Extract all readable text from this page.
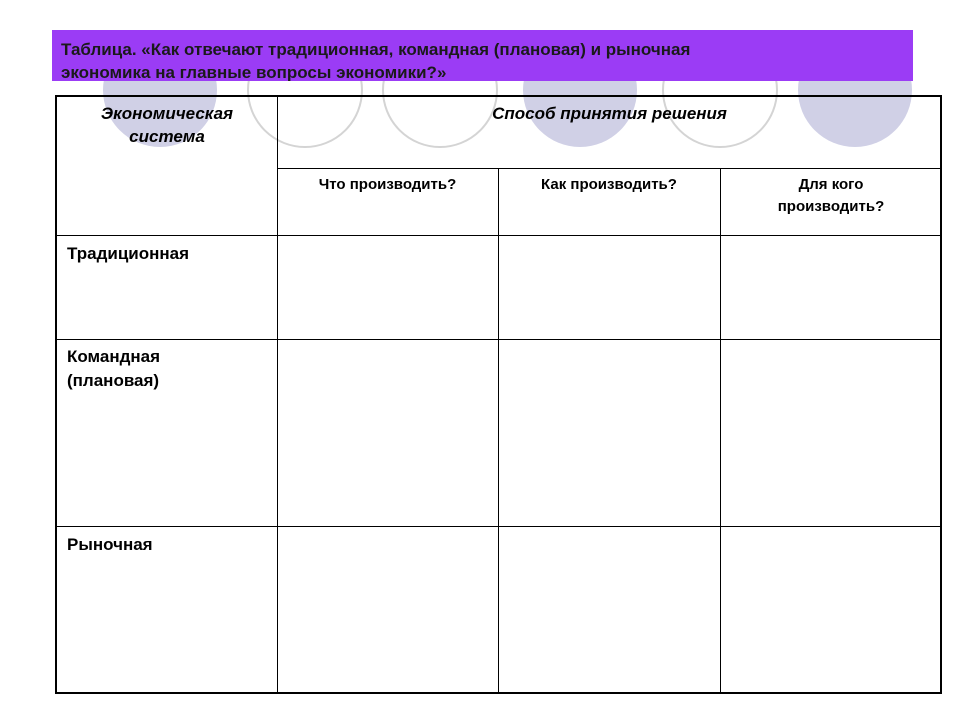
Таблица. «Как отвечают традиционная, командная (плановая) и рыночная
экономика на главные вопросы экономики?»
Экономическая
система
Способ принятия решения
Что производить?	Как производить?	Для кого
производить?
Традиционная
Командная
(плановая)
Рыночная
